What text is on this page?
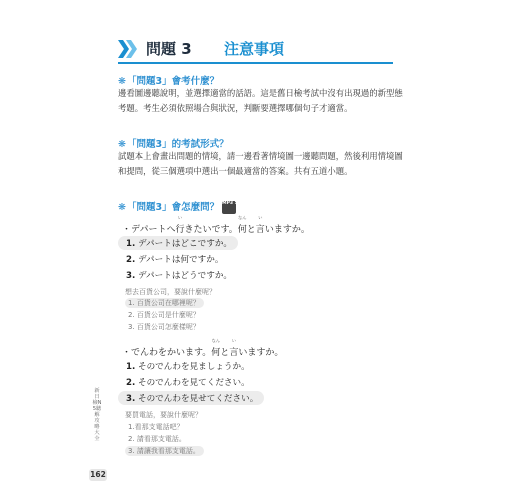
問題 3 注意事項
❋「問題3」會考什麼？
邊看圖邊聽說明，並選擇適當的話語。這是舊日檢考試中沒有出現過的新型態考題。考生必須依照場合與狀況，判斷要選擇哪個句子才適當。
❋「問題3」的考試形式？
試題本上會畫出問題的情境，請一邊看著情境圖一邊聽問題，然後利用情境圖和提問，從三個選項中選出一個最適當的答案。共有五道小題。
❋「問題3」會怎麼問？ MP3 50
・デパートへ
い
行きたいです。
なん
何と
い
言いますか。
1. デパートはどこですか。
2. デパートは何ですか。
3. デパートはどうですか。
想去百貨公司，要說什麼呢？
1. 百貨公司在哪裡呢？
2. 百貨公司是什麼呢？
3. 百貨公司怎麼樣呢？
・でんわをかいます。
なん
何と
い
言いますか。
1. そのでんわを見ましょうか。
2. そのでんわを見てください。
3. そのでんわを見せてください。
要買電話，要說什麼呢？
1.看那支電話吧？
2. 請看那支電話。
3. 請讓我看那支電話。
新日檢N5聽解攻略大全
162
